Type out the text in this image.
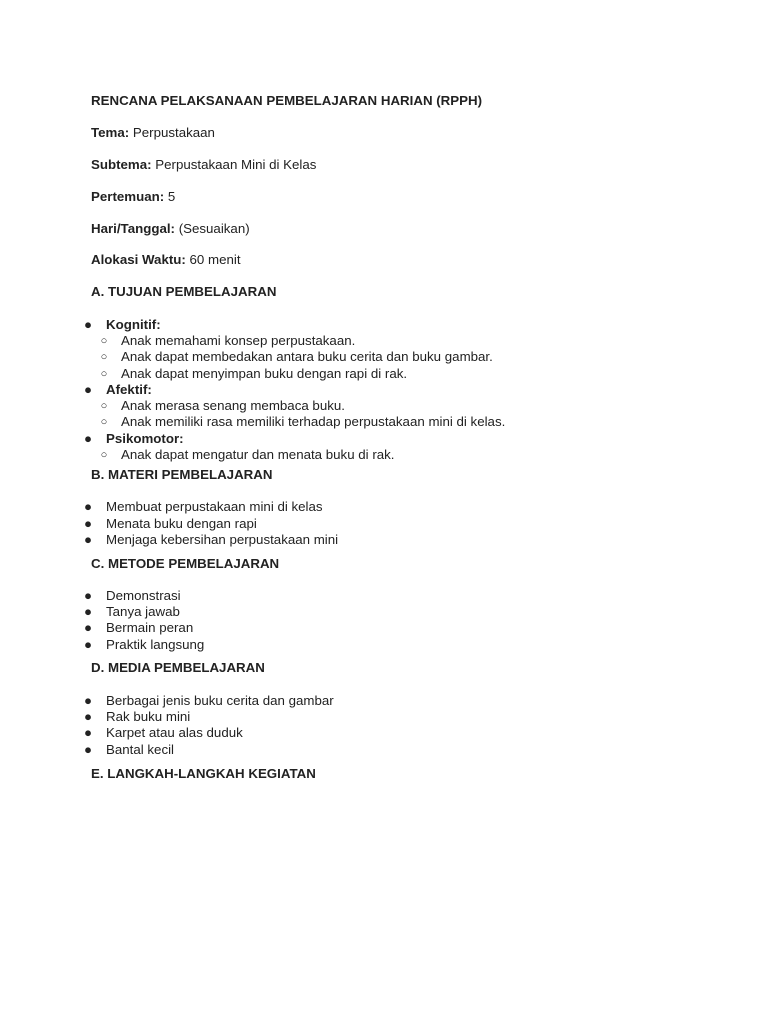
RENCANA PELAKSANAAN PEMBELAJARAN HARIAN (RPPH)
Tema: Perpustakaan
Subtema: Perpustakaan Mini di Kelas
Pertemuan: 5
Hari/Tanggal: (Sesuaikan)
Alokasi Waktu: 60 menit
A. TUJUAN PEMBELAJARAN
● Kognitif:
○ Anak memahami konsep perpustakaan.
○ Anak dapat membedakan antara buku cerita dan buku gambar.
○ Anak dapat menyimpan buku dengan rapi di rak.
● Afektif:
○ Anak merasa senang membaca buku.
○ Anak memiliki rasa memiliki terhadap perpustakaan mini di kelas.
● Psikomotor:
○ Anak dapat mengatur dan menata buku di rak.
B. MATERI PEMBELAJARAN
● Membuat perpustakaan mini di kelas
● Menata buku dengan rapi
● Menjaga kebersihan perpustakaan mini
C. METODE PEMBELAJARAN
● Demonstrasi
● Tanya jawab
● Bermain peran
● Praktik langsung
D. MEDIA PEMBELAJARAN
● Berbagai jenis buku cerita dan gambar
● Rak buku mini
● Karpet atau alas duduk
● Bantal kecil
E. LANGKAH-LANGKAH KEGIATAN
